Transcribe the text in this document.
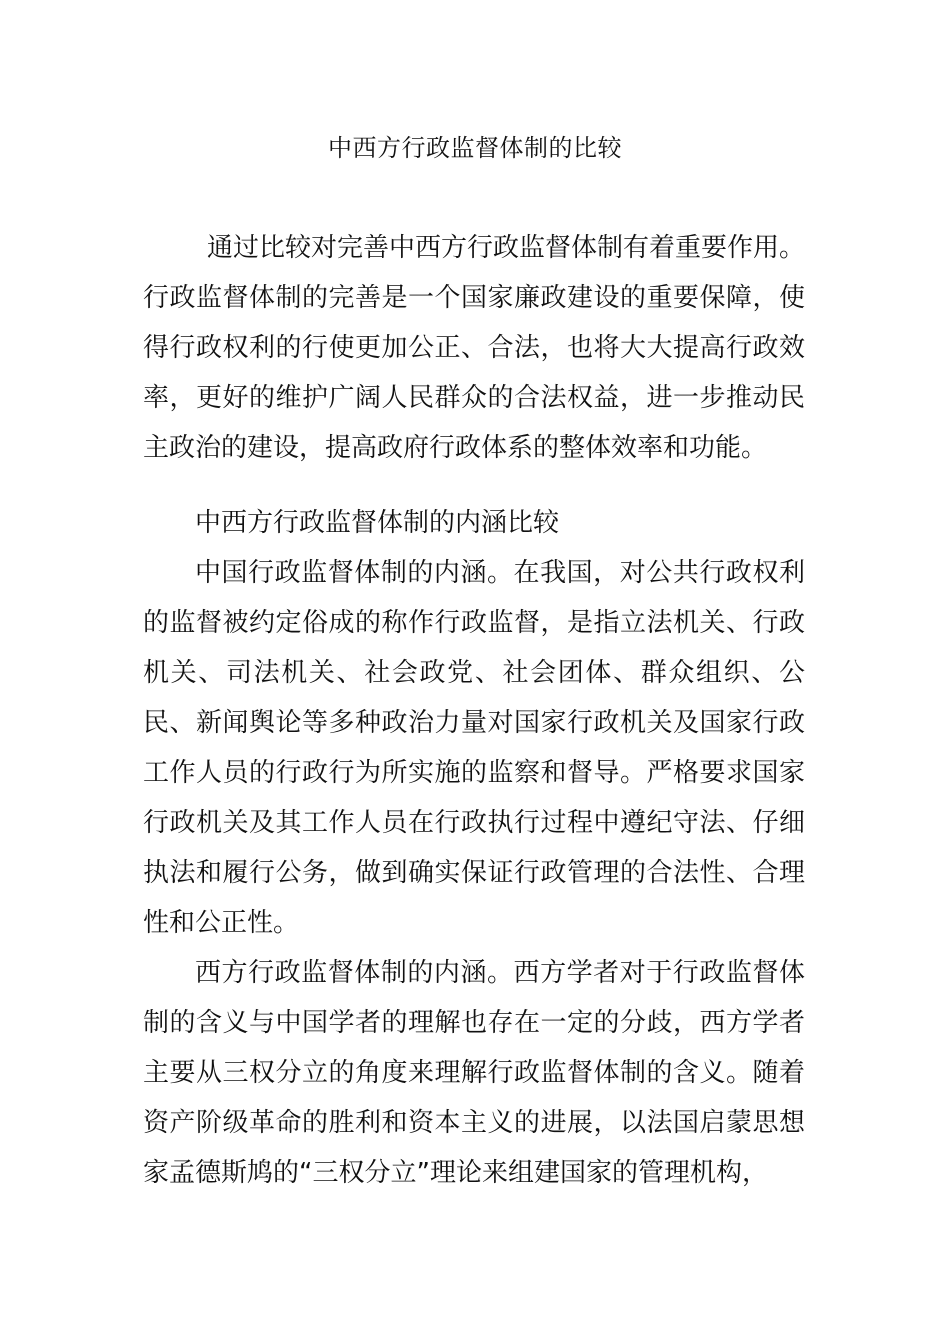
中西方行政监督体制的比较
通过比较对完善中西方行政监督体制有着重要作用。行政监督体制的完善是一个国家廉政建设的重要保障，使得行政权利的行使更加公正、合法，也将大大提高行政效率，更好的维护广阔人民群众的合法权益，进一步推动民主政治的建设，提高政府行政体系的整体效率和功能。

中西方行政监督体制的内涵比较

中国行政监督体制的内涵。在我国，对公共行政权利的监督被约定俗成的称作行政监督，是指立法机关、行政机关、司法机关、社会政党、社会团体、群众组织、公民、新闻舆论等多种政治力量对国家行政机关及国家行政工作人员的行政行为所实施的监察和督导。严格要求国家行政机关及其工作人员在行政执行过程中遵纪守法、仔细执法和履行公务，做到确实保证行政管理的合法性、合理性和公正性。

西方行政监督体制的内涵。西方学者对于行政监督体制的含义与中国学者的理解也存在一定的分歧，西方学者主要从三权分立的角度来理解行政监督体制的含义。随着资产阶级革命的胜利和资本主义的进展，以法国启蒙思想家孟德斯鸠的“三权分立”理论来组建国家的管理机构，
